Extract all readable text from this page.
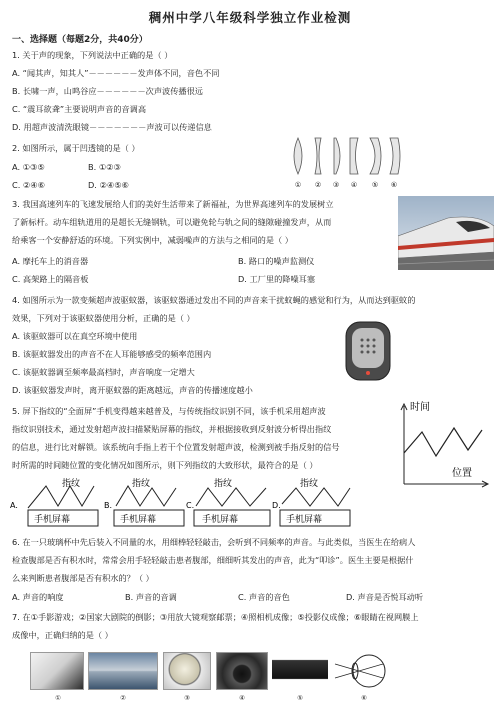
稠州中学八年级科学独立作业检测
一、选择题（每题2分，共40分）
1. 关于声的现象，下列说法中正确的是（ ）
A. “闻其声，知其人”－－－－－－发声体不同，音色不同
B. 长啸一声，山鸣谷应－－－－－－次声波传播很远
C. “震耳欲聋”主要说明声音的音调高
D. 用超声波清洗眼镜－－－－－－－声波可以传递信息
2. 如图所示，属于凹透镜的是（ ）
A. ①③⑤	B. ①②③
C. ②④⑥	D. ②④⑤⑥	① ② ③ ④ ⑤ ⑥
3. 我国高速列车的飞速发展给人们的美好生活带来了新福祉，为世界高速列车的发展树立
了新标杆。动车组轨道用的是超长无缝钢轨，可以避免轮与轨之间的缝隙碰撞发声，从而
给乘客一个安静舒适的环境。下列实例中，减弱噪声的方法与之相同的是（ ）
A. 摩托车上的消音器	B. 路口的噪声监测仪
C. 高架路上的隔音板	D. 工厂里的降噪耳塞
4. 如图所示为一款变频超声波驱蚊器，该驱蚊器通过发出不同的声音来干扰蚊蝇的感觉和行为，从而达到驱蚊的
效果，下列对于该驱蚊器使用分析，正确的是（ ）
A. 该驱蚊器可以在真空环境中使用
B. 该驱蚊器发出的声音不在人耳能够感受的频率范围内
C. 该驱蚊器调至频率最高档时，声音响度一定增大
D. 该驱蚊器发声时，离开驱蚊器的距离越远，声音的传播速度越小
5. 屏下指纹的“全面屏”手机变得越来越普及，与传统指纹识别不同，该手机采用超声波
指纹识别技术，通过发射超声波扫描紧贴屏幕的指纹，并根据接收到反射波分析得出指纹
的信息，进行比对解锁。该系统向手指上若干个位置发射超声波，检测到被手指反射的信号
时所需的时间随位置的变化情况如图所示，则下列指纹的大致形状，最符合的是（ ）
时间
位置
A.
指纹
手机屏幕
B.
指纹
手机屏幕
C.
指纹
手机屏幕
D.
指纹
手机屏幕
6. 在一只玻璃杯中先后装入不同量的水，用细棒轻轻敲击，会听到不同频率的声音。与此类似，当医生在给病人
检查腹部是否有积水时，常常会用手轻轻敲击患者腹部，细细听其发出的声音，此为“叩诊”。医生主要是根据什
么来判断患者腹部是否有积水的？（ ）
A. 声音的响度	B. 声音的音调	C. 声音的音色	D. 声音是否悦耳动听
7. 在①手影游戏；②国家大剧院的倒影；③用放大镜观察邮票；④照相机成像；⑤投影仪成像；⑥眼睛在视网膜上
成像中，正确归纳的是（ ）
①	②	③	④	⑤	⑥
